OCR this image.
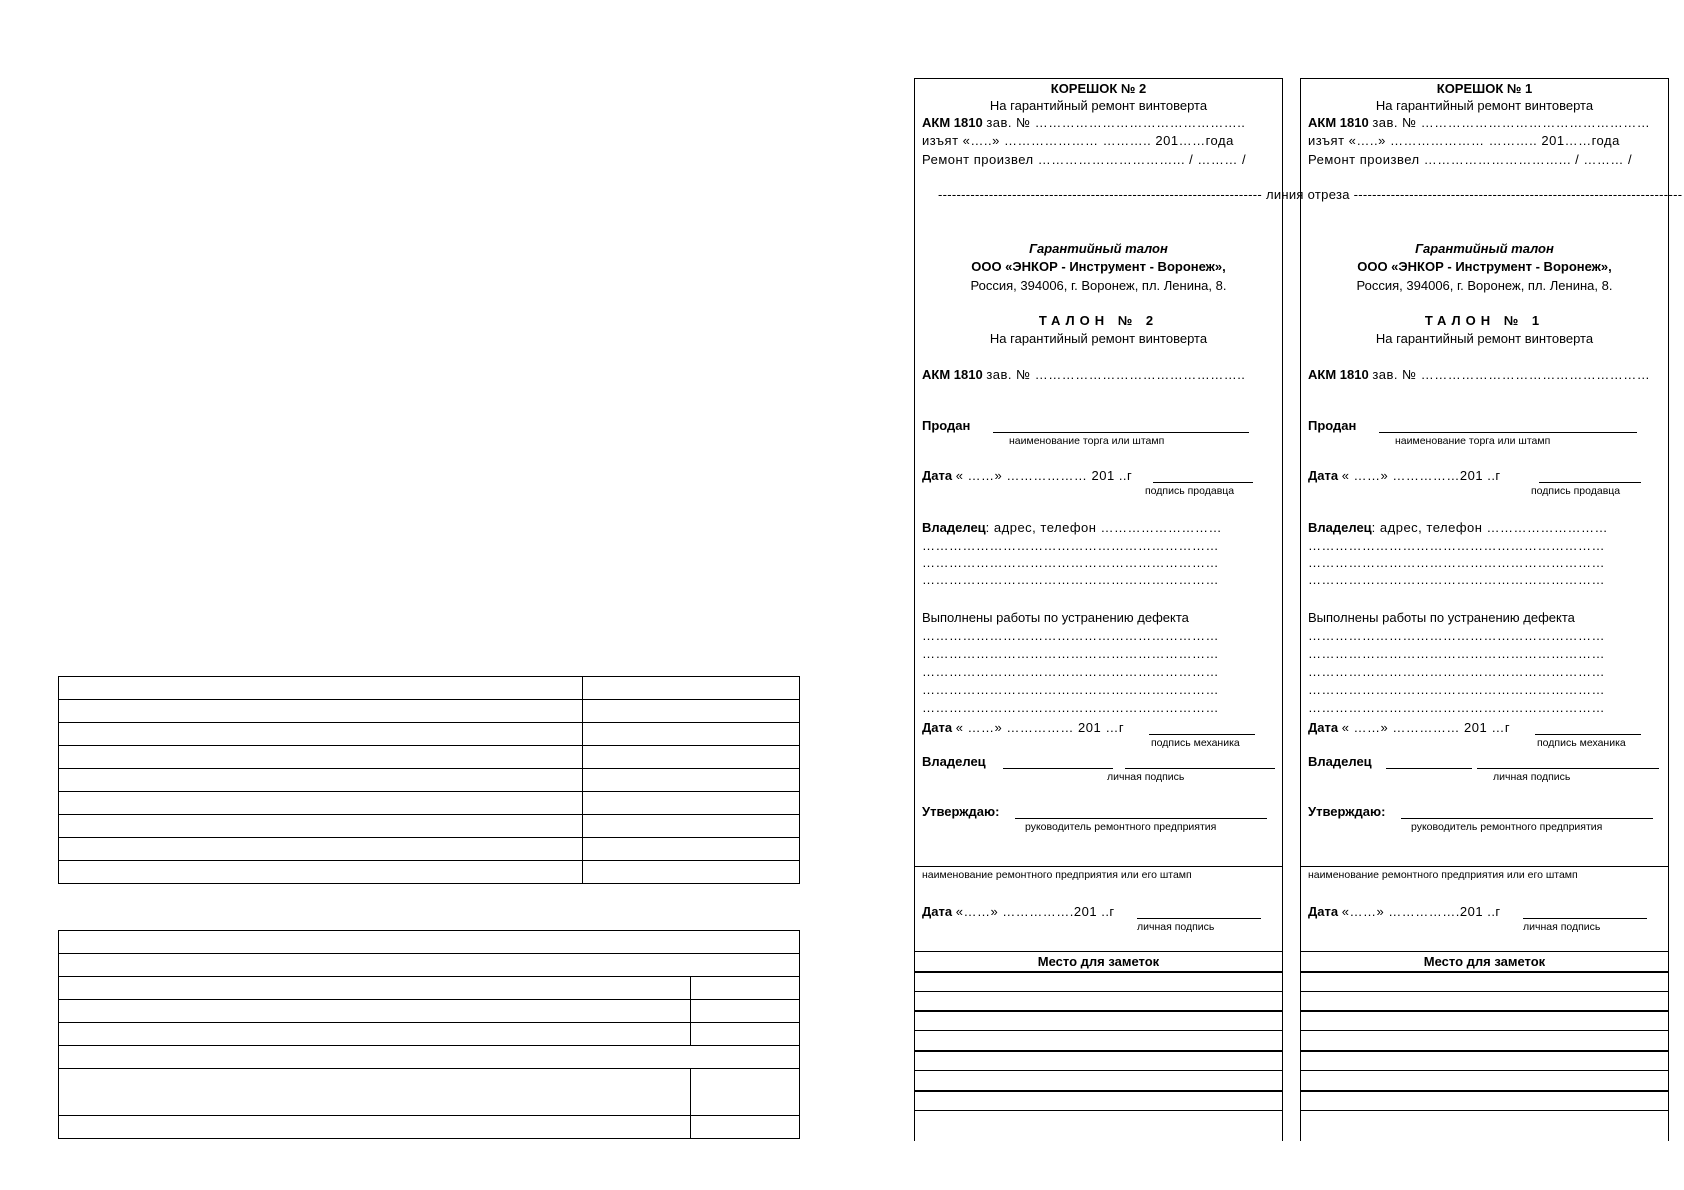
КОРЕШОК № 2
На гарантийный ремонт винтоверта
АКМ 1810 зав. № ………………………………………..
изъят «…..» ………………… ……….. 201……года
Ремонт произвел …………………………... / ……… /
Гарантийный талон
ООО «ЭНКОР - Инструмент - Воронеж»,
Россия, 394006, г. Воронеж, пл. Ленина, 8.
ТАЛОН № 2
На гарантийный ремонт винтоверта
АКМ 1810 зав. № ………………………………………..
Продан
наименование торга или штамп
Дата « ……» ……………… 201 ..г
подпись продавца
Владелец: адрес, телефон ………………………
…………………………………………………………
…………………………………………………………
…………………………………………………………
Выполнены работы по устранению дефекта
…………………………………………………………
…………………………………………………………
…………………………………………………………
…………………………………………………………
…………………………………………………………
Дата « ……» …………… 201 …г
подпись механика
Владелец
личная подпись
Утверждаю:
руководитель ремонтного предприятия
наименование ремонтного предприятия или его штамп
Дата «……» …………….201 ..г
личная подпись
Место для заметок
КОРЕШОК № 1
На гарантийный ремонт винтоверта
АКМ 1810 зав. № ……………………………………………
изъят «…..» ………………… ……….. 201……года
Ремонт произвел …………………………... / ……… /
Гарантийный талон
ООО «ЭНКОР - Инструмент - Воронеж»,
Россия, 394006, г. Воронеж, пл. Ленина, 8.
ТАЛОН № 1
На гарантийный ремонт винтоверта
АКМ 1810 зав. № ……………………………………………
Продан
наименование торга или штамп
Дата « ……» ……………201 ..г
подпись продавца
Владелец: адрес, телефон ………………………
…………………………………………………………
…………………………………………………………
…………………………………………………………
Выполнены работы по устранению дефекта
…………………………………………………………
…………………………………………………………
…………………………………………………………
…………………………………………………………
…………………………………………………………
Дата « ……» …………… 201 …г
подпись механика
Владелец
личная подпись
Утверждаю:
руководитель ремонтного предприятия
наименование ремонтного предприятия или его штамп
Дата «……» …………….201 ..г
личная подпись
Место для заметок
---------------------------------------------------------------------- линия отреза -----------------------------------------------------------------------
